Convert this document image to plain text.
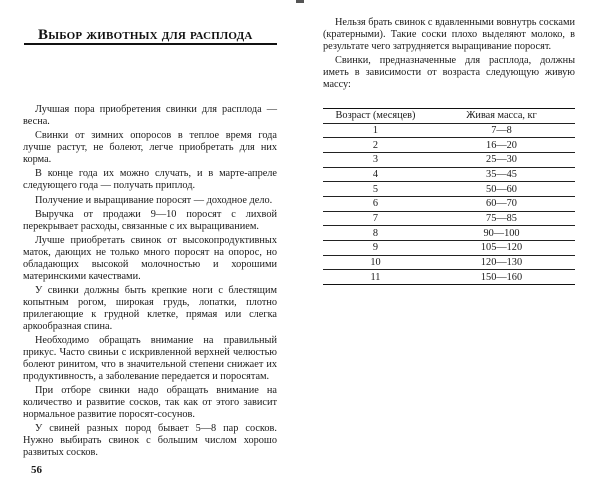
Выбор животных для расплода

Лучшая пора приобретения свинки для расплода — весна.

Свинки от зимних опоросов в теплое время года лучше растут, не болеют, легче приобретать для них корма.

В конце года их можно случать, и в марте-апреле следующего года — получать приплод.

Получение и выращивание поросят — доходное дело.

Выручка от продажи 9—10 поросят с лихвой перекрывает расходы, связанные с их выращиванием.

Лучше приобретать свинок от высокопродуктивных маток, дающих не только много поросят на опорос, но обладающих высокой молочностью и хорошими материнскими качествами.

У свинки должны быть крепкие ноги с блестящим копытным рогом, широкая грудь, лопатки, плотно прилегающие к грудной клетке, прямая или слегка аркообразная спина.

Необходимо обращать внимание на правильный прикус. Часто свиньи с искривленной верхней челюстью болеют ринитом, что в значительной степени снижает их продуктивность, а заболевание передается и поросятам.

При отборе свинки надо обращать внимание на количество и развитие сосков, так как от этого зависит нормальное развитие поросят-сосунов.

У свиней разных пород бывает 5—8 пар сосков. Нужно выбирать свинок с большим числом хорошо развитых сосков.

56

Нельзя брать свинок с вдавленными вовнутрь сосками (кратерными). Такие соски плохо выделяют молоко, в результате чего затрудняется выращивание поросят.

Свинки, предназначенные для расплода, должны иметь в зависимости от возраста следующую живую массу:

Возраст (месяцев)	Живая масса, кг
1	7—8
2	16—20
3	25—30
4	35—45
5	50—60
6	60—70
7	75—85
8	90—100
9	105—120
10	120—130
11	150—160
